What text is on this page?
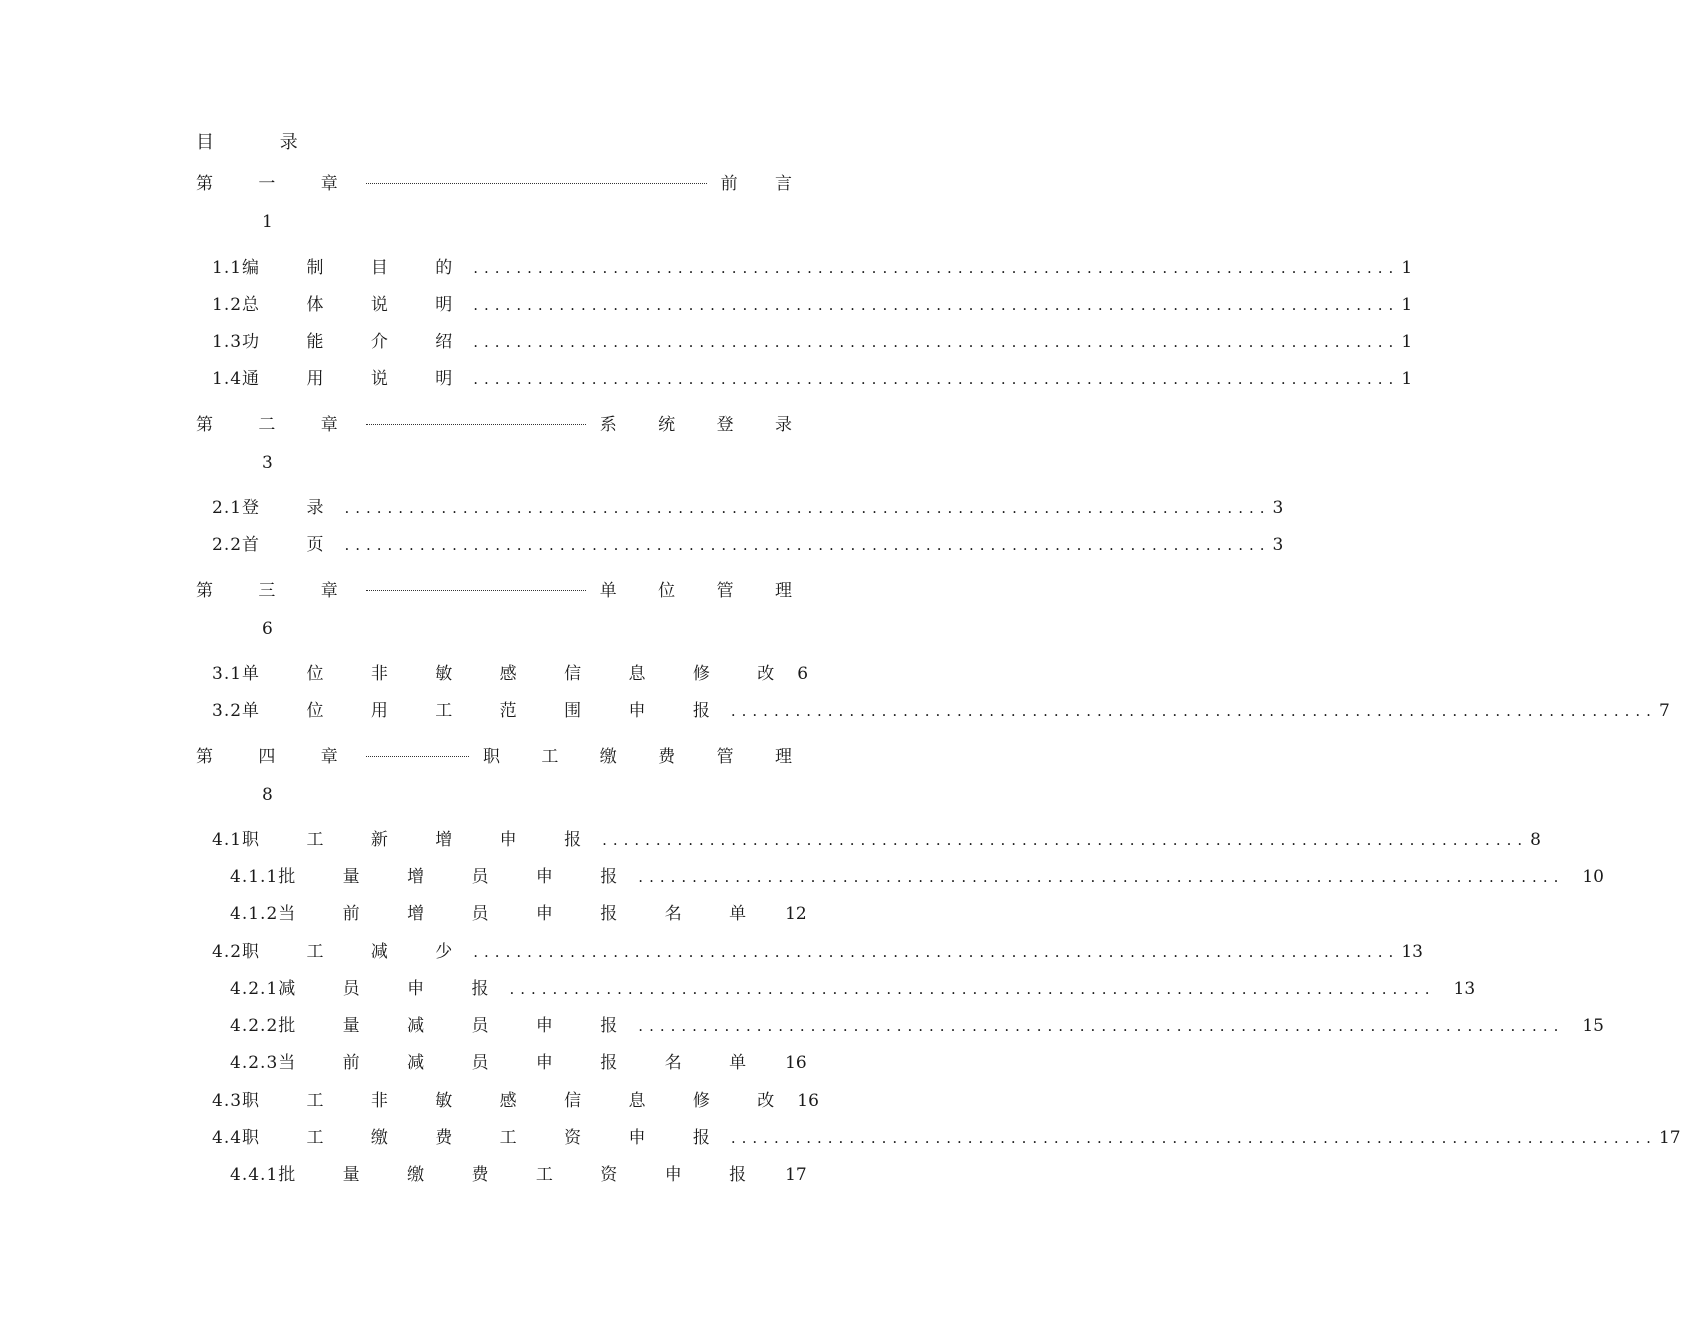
目 录
第 一 章	前 言
1
1.1 编 制 目 的 ...................................................................................... 1
1.2 总 体 说 明 ...................................................................................... 1
1.3 功 能 介 绍 ...................................................................................... 1
1.4 通 用 说 明 ...................................................................................... 1
第 二 章	系 统 登 录
3
2.1 登 录 ...................................................................................... 3
2.2 首 页 ...................................................................................... 3
第 三 章	单 位 管 理
6
3.1 单 位 非 敏 感 信 息 修 改 6
3.2 单 位 用 工 范 围 申 报 ...................................................................................... 7
第 四 章	职 工 缴 费 管 理
8
4.1 职 工 新 增 申 报 ...................................................................................... 8
4.1.1 批 量 增 员 申 报 ...................................................................................... 10
4.1.2 当 前 增 员 申 报 名 单 12
4.2 职 工 减 少 ...................................................................................... 13
4.2.1 减 员 申 报 ...................................................................................... 13
4.2.2 批 量 减 员 申 报 ...................................................................................... 15
4.2.3 当 前 减 员 申 报 名 单 16
4.3 职 工 非 敏 感 信 息 修 改 16
4.4 职 工 缴 费 工 资 申 报 ...................................................................................... 17
4.4.1 批 量 缴 费 工 资 申 报 17
